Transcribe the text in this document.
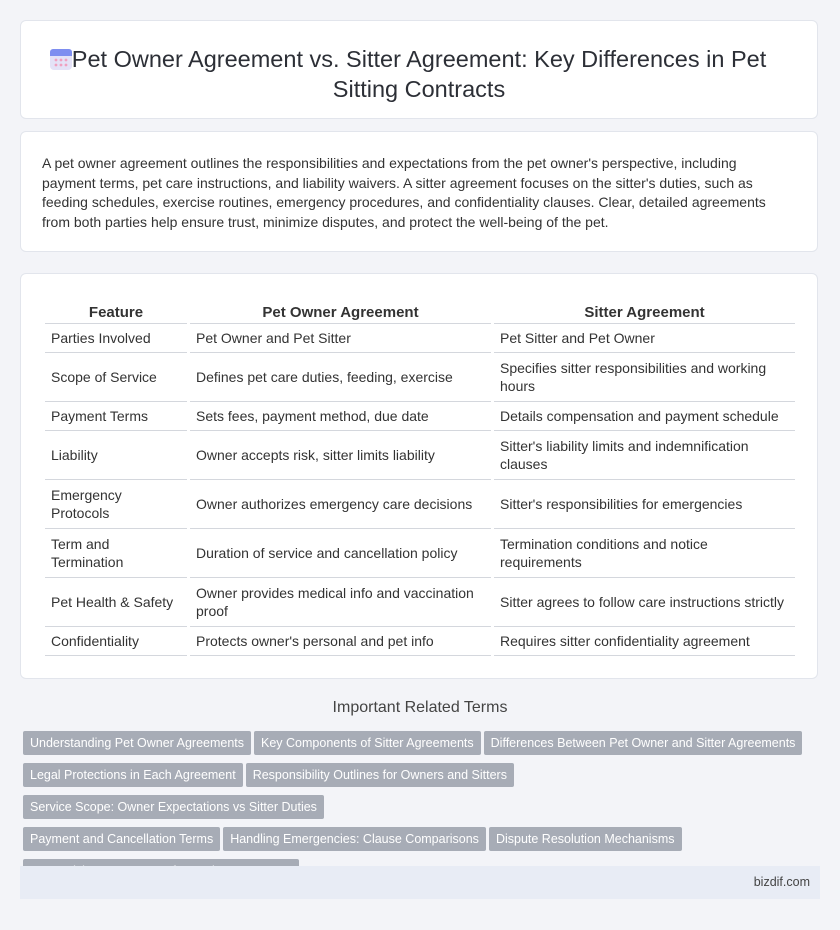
Pet Owner Agreement vs. Sitter Agreement: Key Differences in Pet Sitting Contracts

A pet owner agreement outlines the responsibilities and expectations from the pet owner's perspective, including payment terms, pet care instructions, and liability waivers. A sitter agreement focuses on the sitter's duties, such as feeding schedules, exercise routines, emergency procedures, and confidentiality clauses. Clear, detailed agreements from both parties help ensure trust, minimize disputes, and protect the well-being of the pet.

Feature	Pet Owner Agreement	Sitter Agreement
Parties Involved	Pet Owner and Pet Sitter	Pet Sitter and Pet Owner
Scope of Service	Defines pet care duties, feeding, exercise	Specifies sitter responsibilities and working hours
Payment Terms	Sets fees, payment method, due date	Details compensation and payment schedule
Liability	Owner accepts risk, sitter limits liability	Sitter's liability limits and indemnification clauses
Emergency Protocols	Owner authorizes emergency care decisions	Sitter's responsibilities for emergencies
Term and Termination	Duration of service and cancellation policy	Termination conditions and notice requirements
Pet Health & Safety	Owner provides medical info and vaccination proof	Sitter agrees to follow care instructions strictly
Confidentiality	Protects owner's personal and pet info	Requires sitter confidentiality agreement
Important Related Terms
Understanding Pet Owner Agreements Key Components of Sitter Agreements Differences Between Pet Owner and Sitter Agreements
Legal Protections in Each Agreement Responsibility Outlines for Owners and SittersService Scope: Owner Expectations vs Sitter Duties
Payment and Cancellation Terms Handling Emergencies: Clause Comparisons Dispute Resolution Mechanisms

bizdif.com
